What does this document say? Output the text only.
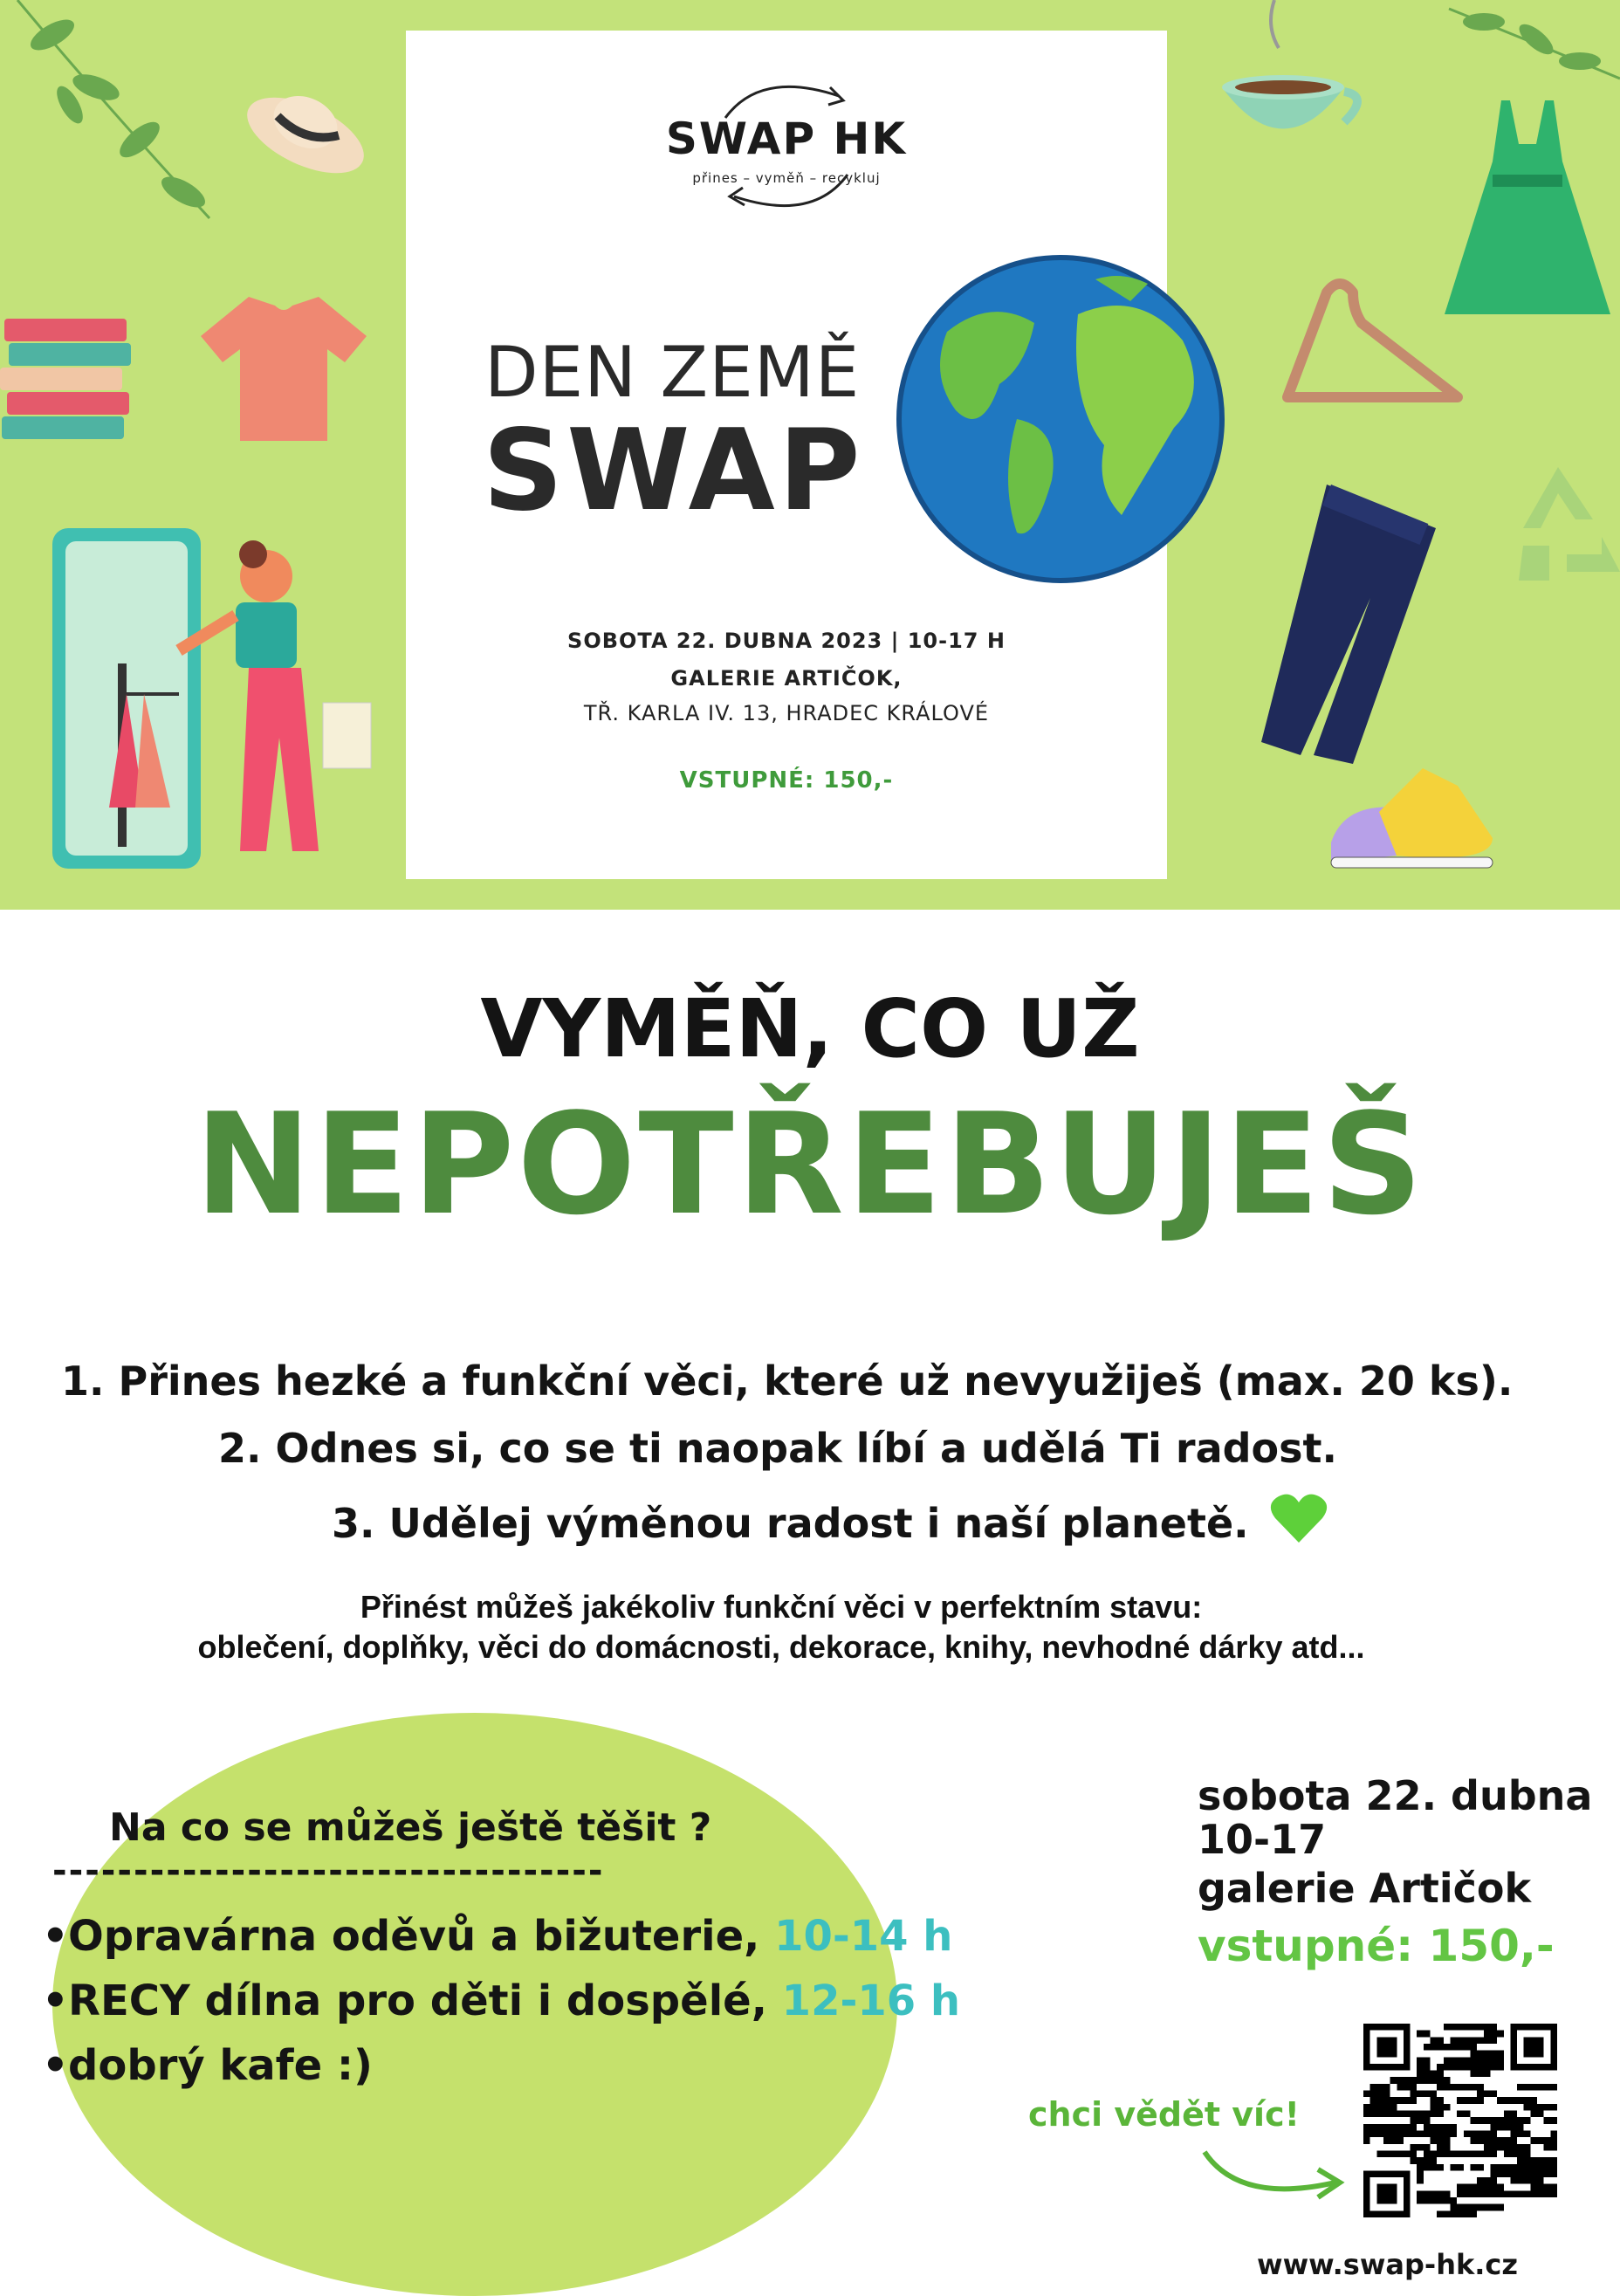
SWAP HK
přines – vyměň – recykluj
DEN ZEMĚ
SWAP
SOBOTA 22. DUBNA 2023 | 10-17 H
GALERIE ARTIČOK,
TŘ. KARLA IV. 13, HRADEC KRÁLOVÉ
VSTUPNÉ: 150,-
VYMĚŇ, CO UŽ
NEPOTŘEBUJEŠ
1. Přines hezké a funkční věci, které už nevyužiješ (max. 20 ks).
2. Odnes si, co se ti naopak líbí a udělá Ti radost.
3. Udělej výměnou radost i naší planetě.
Přinést můžeš jakékoliv funkční věci v perfektním stavu:
oblečení, doplňky, věci do domácnosti, dekorace, knihy, nevhodné dárky atd...
Na co se můžeš ještě těšit ?
----------------------------------
•Opravárna oděvů a bižuterie, 10-14 h
•RECY dílna pro děti i dospělé, 12-16 h
•dobrý kafe :)
sobota 22. dubna
10-17
galerie Artičok
vstupné: 150,-
chci vědět víc!
www.swap-hk.cz
